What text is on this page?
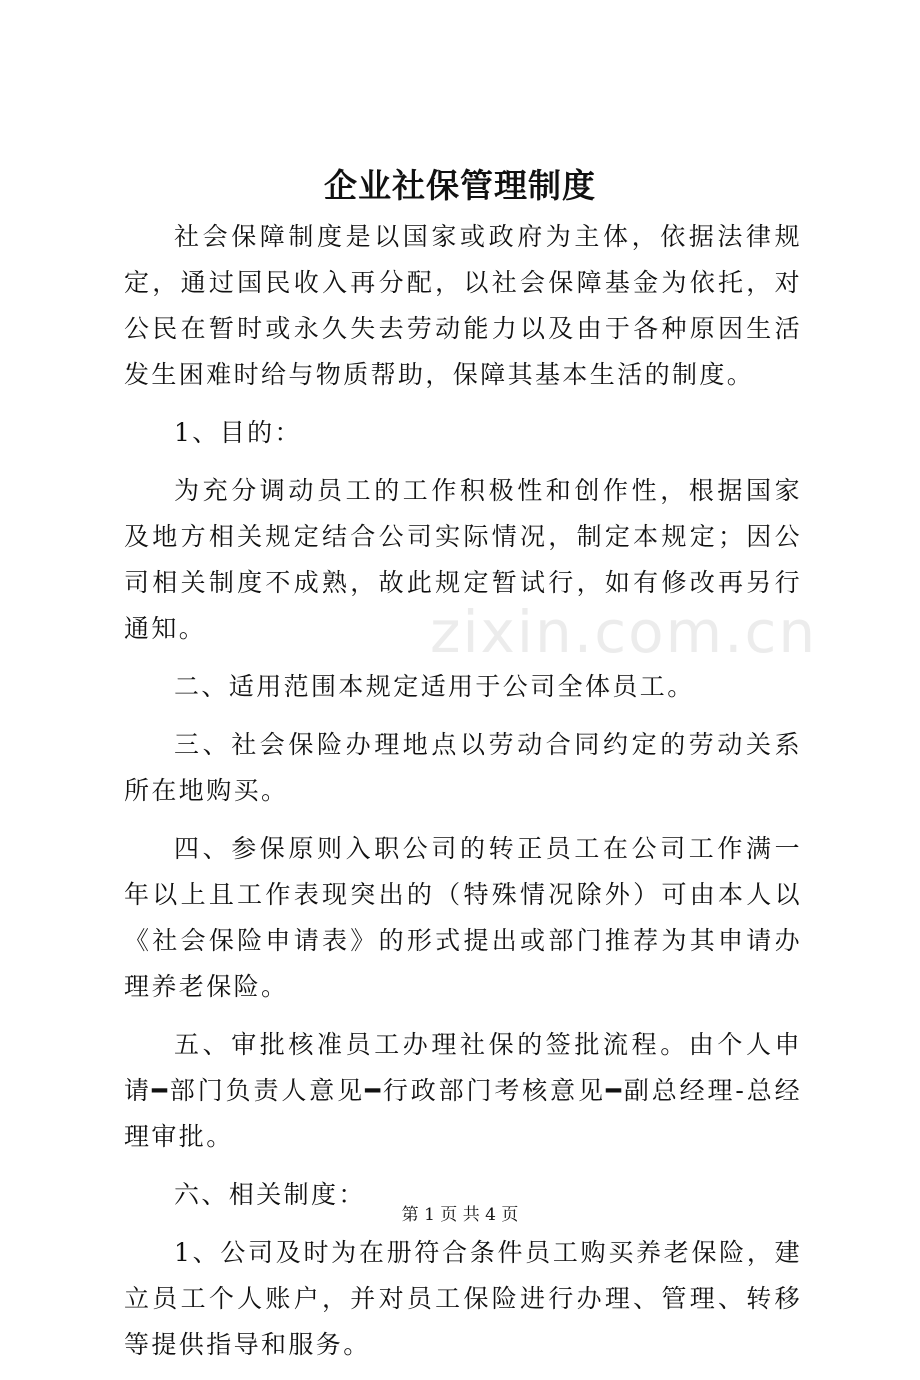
企业社保管理制度

社会保障制度是以国家或政府为主体，依据法律规定，通过国民收入再分配，以社会保障基金为依托，对公民在暂时或永久失去劳动能力以及由于各种原因生活发生困难时给与物质帮助，保障其基本生活的制度。

1、目的：

为充分调动员工的工作积极性和创作性，根据国家及地方相关规定结合公司实际情况，制定本规定；因公司相关制度不成熟，故此规定暂试行，如有修改再另行通知。

二、适用范围本规定适用于公司全体员工。

三、社会保险办理地点以劳动合同约定的劳动关系所在地购买。

四、参保原则入职公司的转正员工在公司工作满一年以上且工作表现突出的（特殊情况除外）可由本人以《社会保险申请表》的形式提出或部门推荐为其申请办理养老保险。

五、审批核准员工办理社保的签批流程。由个人申请━部门负责人意见━行政部门考核意见━副总经理-总经理审批。

六、相关制度：

1、公司及时为在册符合条件员工购买养老保险，建立员工个人账户，并对员工保险进行办理、管理、转移等提供指导和服务。

zixin.com.cn
第 1 页 共 4 页
